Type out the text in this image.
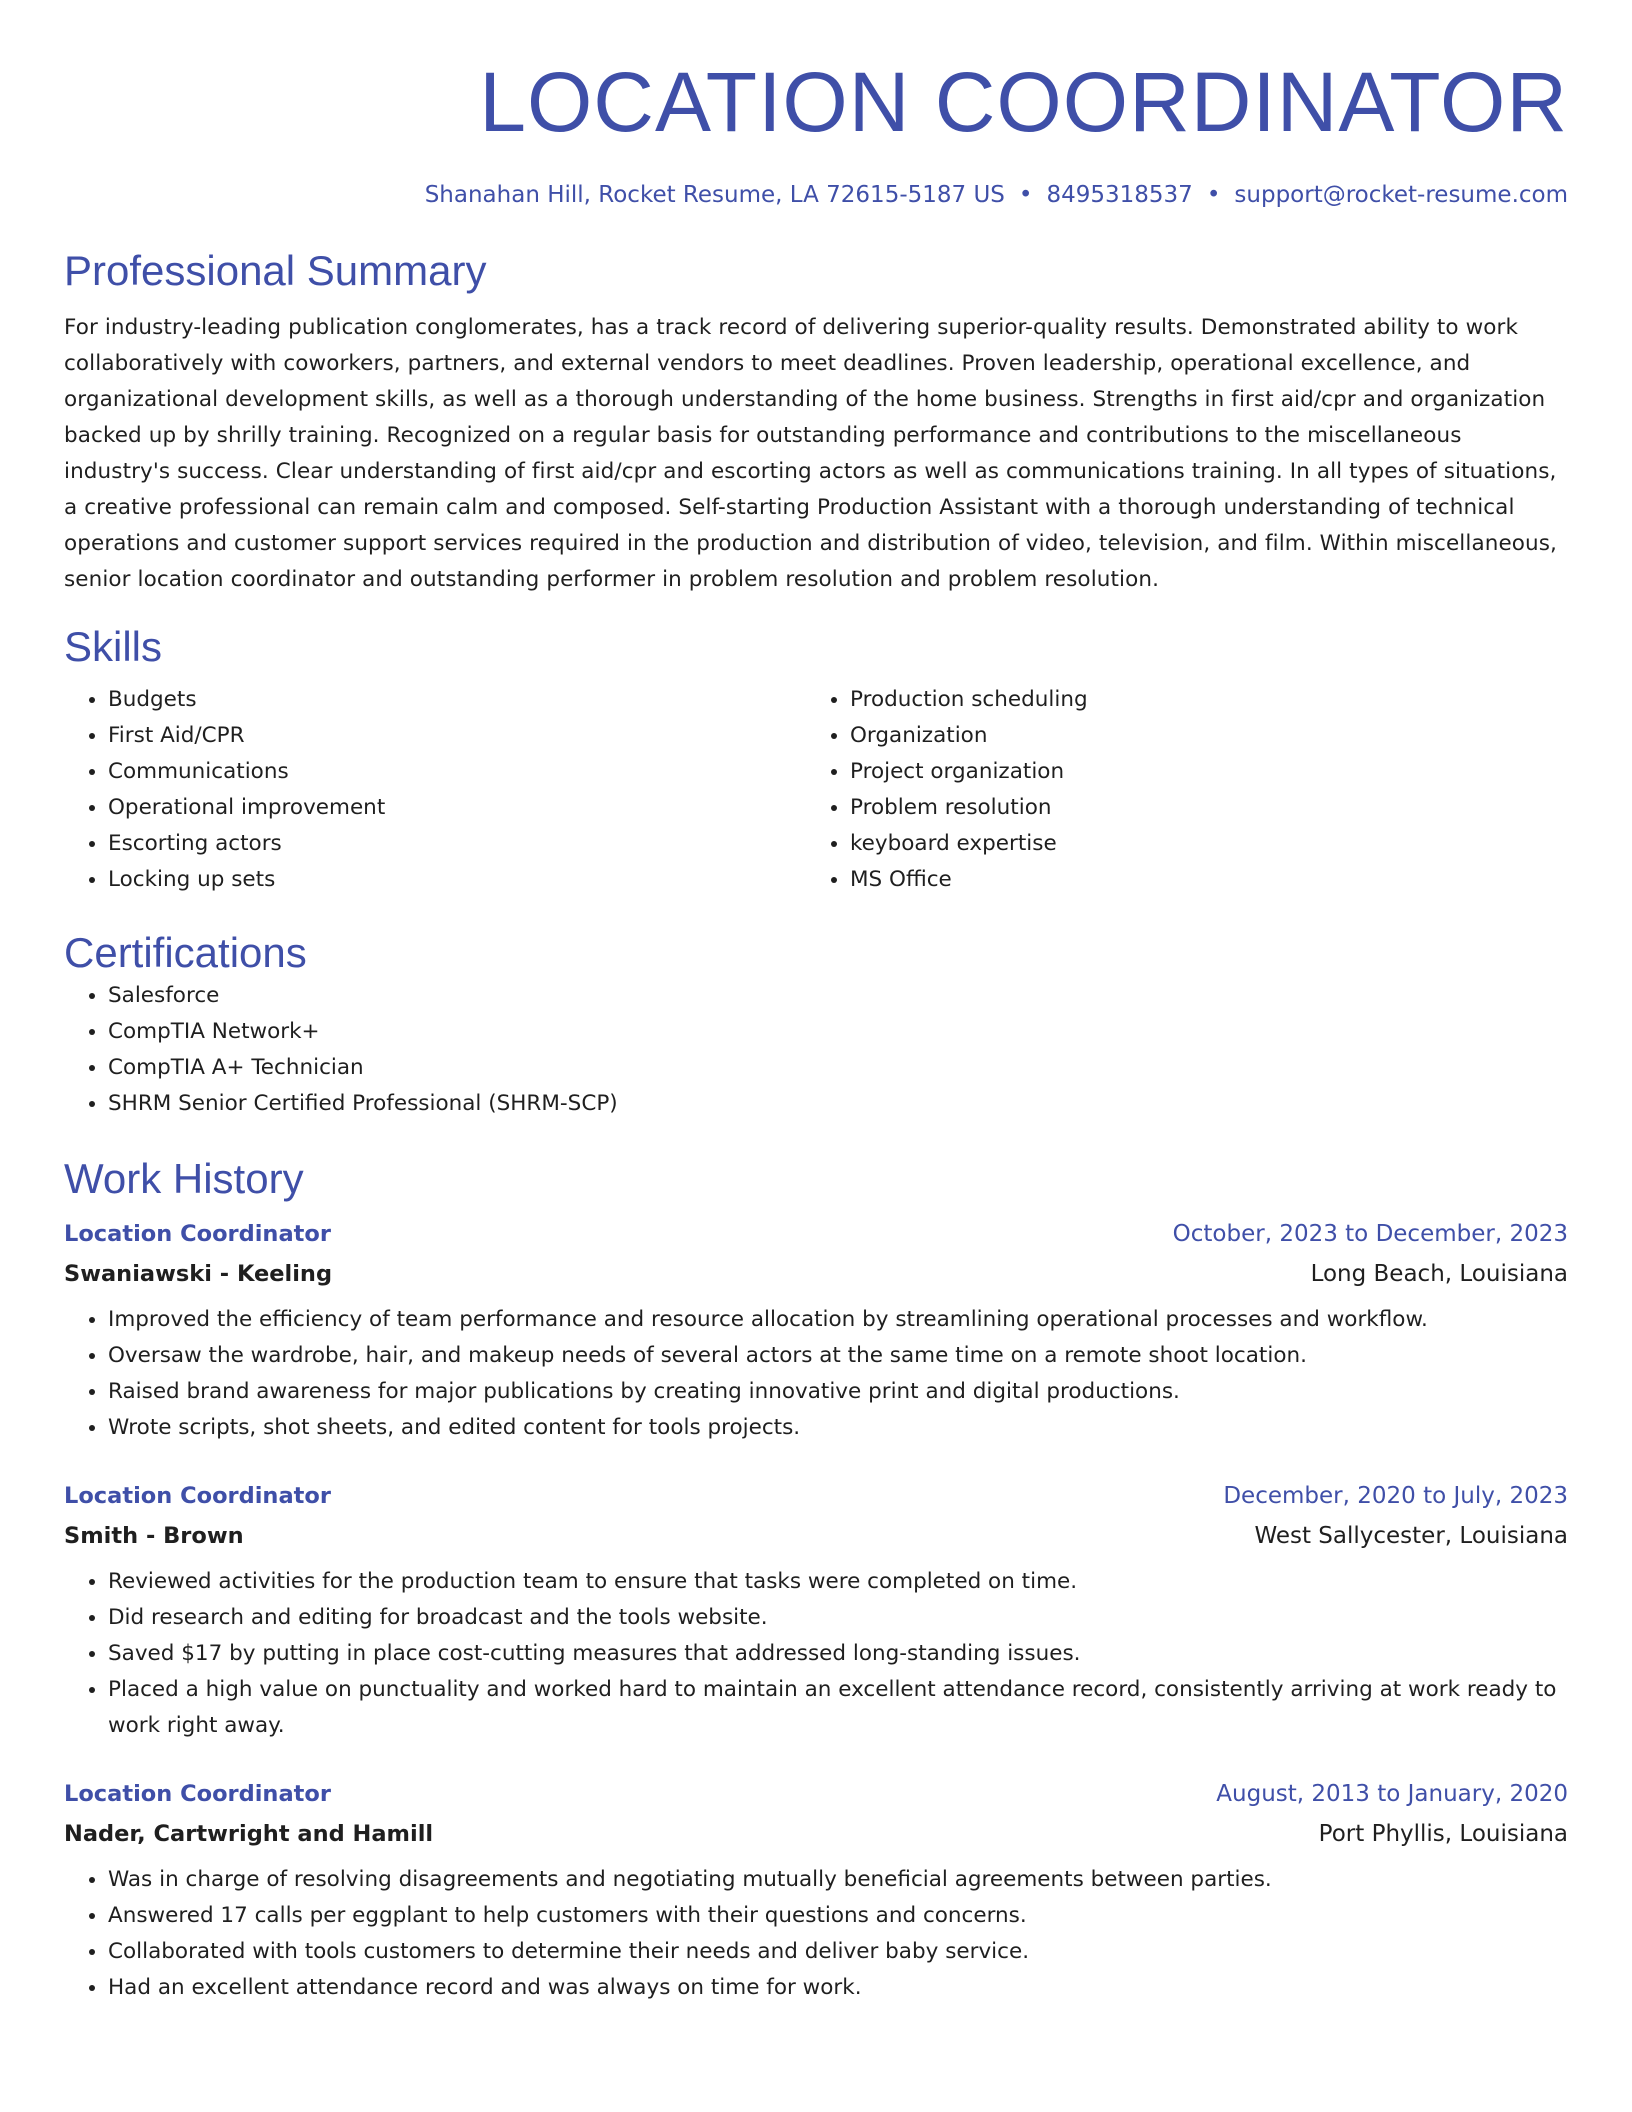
LOCATION COORDINATOR
Shanahan Hill, Rocket Resume, LA 72615-5187 US • 8495318537 • support@rocket-resume.com
Professional Summary

For industry-leading publication conglomerates, has a track record of delivering superior-quality results. Demonstrated ability to work collaboratively with coworkers, partners, and external vendors to meet deadlines. Proven leadership, operational excellence, and organizational development skills, as well as a thorough understanding of the home business. Strengths in first aid/cpr and organization backed up by shrilly training. Recognized on a regular basis for outstanding performance and contributions to the miscellaneous industry's success. Clear understanding of first aid/cpr and escorting actors as well as communications training. In all types of situations, a creative professional can remain calm and composed. Self-starting Production Assistant with a thorough understanding of technical operations and customer support services required in the production and distribution of video, television, and film. Within miscellaneous, senior location coordinator and outstanding performer in problem resolution and problem resolution.

Skills
• Budgets
• First Aid/CPR
• Communications
• Operational improvement
• Escorting actors
• Locking up sets
• Production scheduling
• Organization
• Project organization
• Problem resolution
• keyboard expertise
• MS Office
Certifications
• Salesforce
• CompTIA Network+
• CompTIA A+ Technician
• SHRM Senior Certified Professional (SHRM-SCP)
Work History
Location Coordinator	October, 2023 to December, 2023
Swaniawski - Keeling	Long Beach, Louisiana
• Improved the efficiency of team performance and resource allocation by streamlining operational processes and workflow.
• Oversaw the wardrobe, hair, and makeup needs of several actors at the same time on a remote shoot location.
• Raised brand awareness for major publications by creating innovative print and digital productions.
• Wrote scripts, shot sheets, and edited content for tools projects.
Location Coordinator	December, 2020 to July, 2023
Smith - Brown	West Sallycester, Louisiana
• Reviewed activities for the production team to ensure that tasks were completed on time.
• Did research and editing for broadcast and the tools website.
• Saved $17 by putting in place cost-cutting measures that addressed long-standing issues.
• Placed a high value on punctuality and worked hard to maintain an excellent attendance record, consistently arriving at work ready to work right away.
Location Coordinator	August, 2013 to January, 2020
Nader, Cartwright and Hamill	Port Phyllis, Louisiana
• Was in charge of resolving disagreements and negotiating mutually beneficial agreements between parties.
• Answered 17 calls per eggplant to help customers with their questions and concerns.
• Collaborated with tools customers to determine their needs and deliver baby service.
• Had an excellent attendance record and was always on time for work.
